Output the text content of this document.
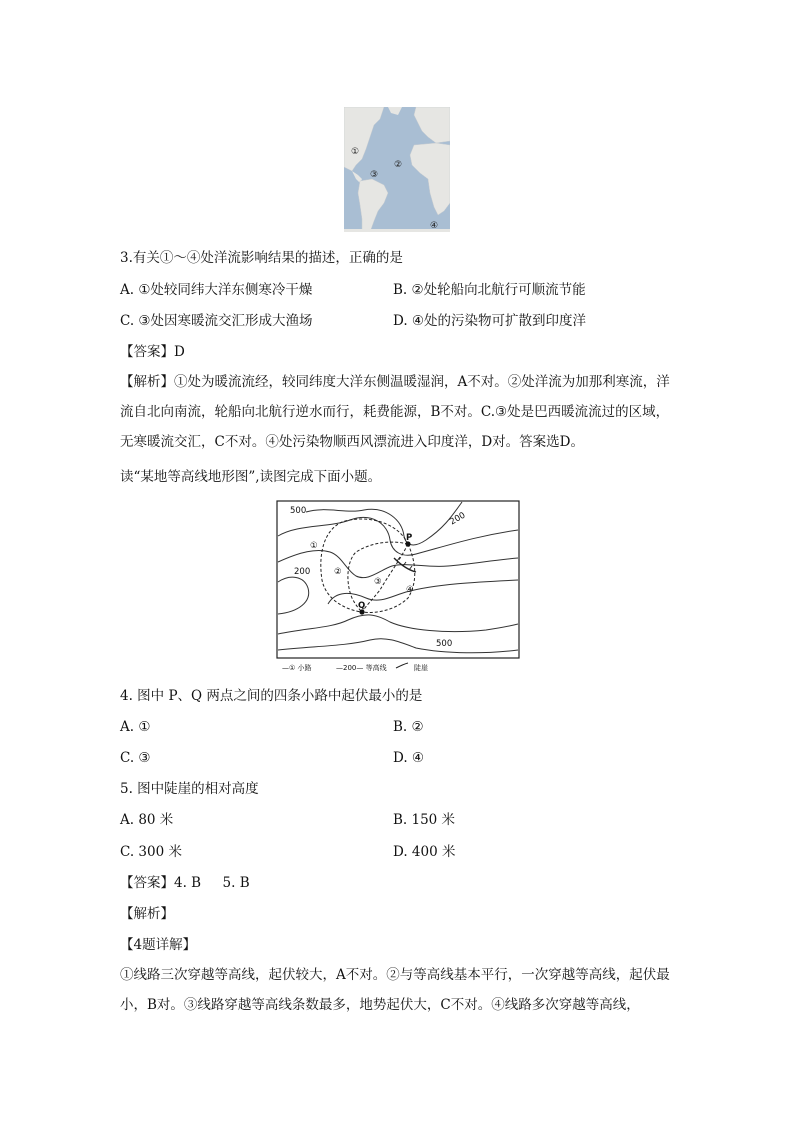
①
②
③
④
3.有关①～④处洋流影响结果的描述，正确的是
A. ①处较同纬大洋东侧寒冷干燥	B. ②处轮船向北航行可顺流节能
C. ③处因寒暖流交汇形成大渔场	D. ④处的污染物可扩散到印度洋
【答案】D
【解析】①处为暖流流经，较同纬度大洋东侧温暖湿润，A不对。②处洋流为加那利寒流，洋流自北向南流，轮船向北航行逆水而行，耗费能源，B不对。C.③处是巴西暖流流过的区域，无寒暖流交汇，C不对。④处污染物顺西风漂流进入印度洋，D对。答案选D。
读“某地等高线地形图”,读图完成下面小题。
500	200
200
500
P
Q
①
②
③
④
—① 小路	—200— 等高线	陡崖
4. 图中 P、Q 两点之间的四条小路中起伏最小的是
A. ①	B. ②
C. ③	D. ④
5. 图中陡崖的相对高度
A. 80 米	B. 150 米
C. 300 米	D. 400 米
【答案】4. B     5. B
【解析】
【4题详解】
①线路三次穿越等高线，起伏较大，A不对。②与等高线基本平行，一次穿越等高线，起伏最小，B对。③线路穿越等高线条数最多，地势起伏大，C不对。④线路多次穿越等高线，
